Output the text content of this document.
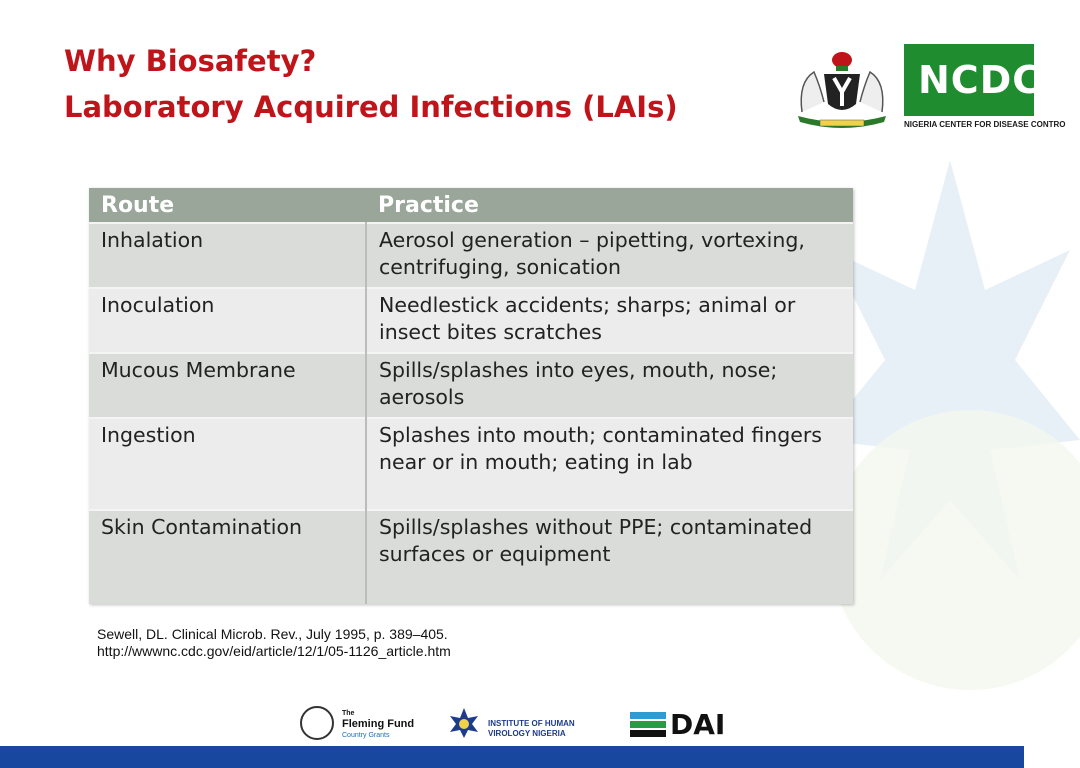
Why Biosafety?
Laboratory Acquired Infections (LAIs)
NCDC
NIGERIA CENTER FOR DISEASE CONTRO
Route	Practice
Inhalation	Aerosol generation – pipetting, vortexing, centrifuging, sonication
Inoculation	Needlestick accidents; sharps; animal or insect bites scratches
Mucous Membrane	Spills/splashes into eyes, mouth, nose; aerosols
Ingestion	Splashes into mouth; contaminated fingers near or in mouth; eating in lab
Skin Contamination	Spills/splashes without PPE; contaminated surfaces or equipment
Sewell, DL. Clinical Microb. Rev., July 1995, p. 389–405.
http://wwwnc.cdc.gov/eid/article/12/1/05-1126_article.htm
The
Fleming Fund
Country Grants
INSTITUTE OF HUMAN
VIROLOGY NIGERIA	DAI
